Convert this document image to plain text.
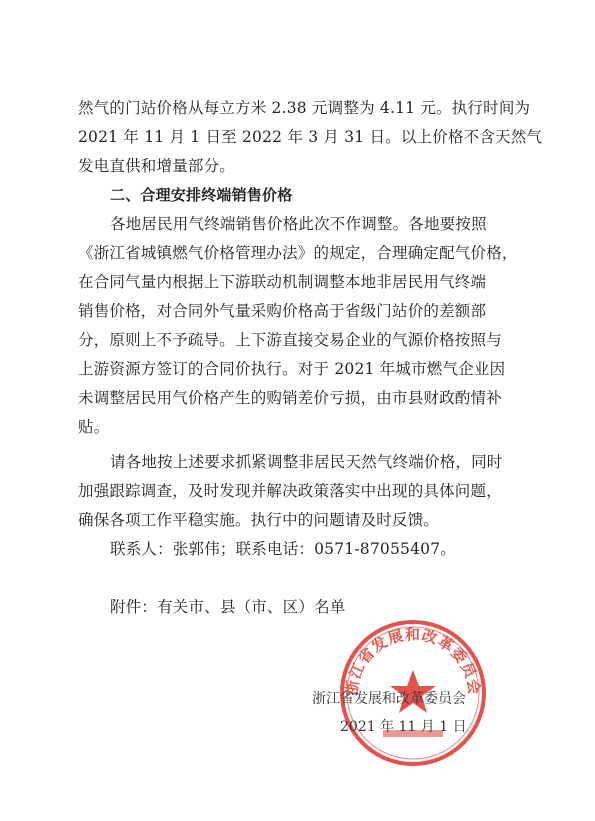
然气的门站价格从每立方米 2.38 元调整为 4.11 元。执行时间为
2021 年 11 月 1 日至 2022 年 3 月 31 日。以上价格不含天然气
发电直供和增量部分。
二、合理安排终端销售价格
各地居民用气终端销售价格此次不作调整。各地要按照
《浙江省城镇燃气价格管理办法》的规定，合理确定配气价格，
在合同气量内根据上下游联动机制调整本地非居民用气终端
销售价格，对合同外气量采购价格高于省级门站价的差额部
分，原则上不予疏导。上下游直接交易企业的气源价格按照与
上游资源方签订的合同价执行。对于 2021 年城市燃气企业因
未调整居民用气价格产生的购销差价亏损，由市县财政酌情补
贴。
请各地按上述要求抓紧调整非居民天然气终端价格，同时
加强跟踪调查，及时发现并解决政策落实中出现的具体问题，
确保各项工作平稳实施。执行中的问题请及时反馈。
联系人：张郭伟；联系电话：0571-87055407。
附件：有关市、县（市、区）名单
浙江省发展和改革委员会
浙江省发展和改革委员会
2021 年 11 月 1 日
